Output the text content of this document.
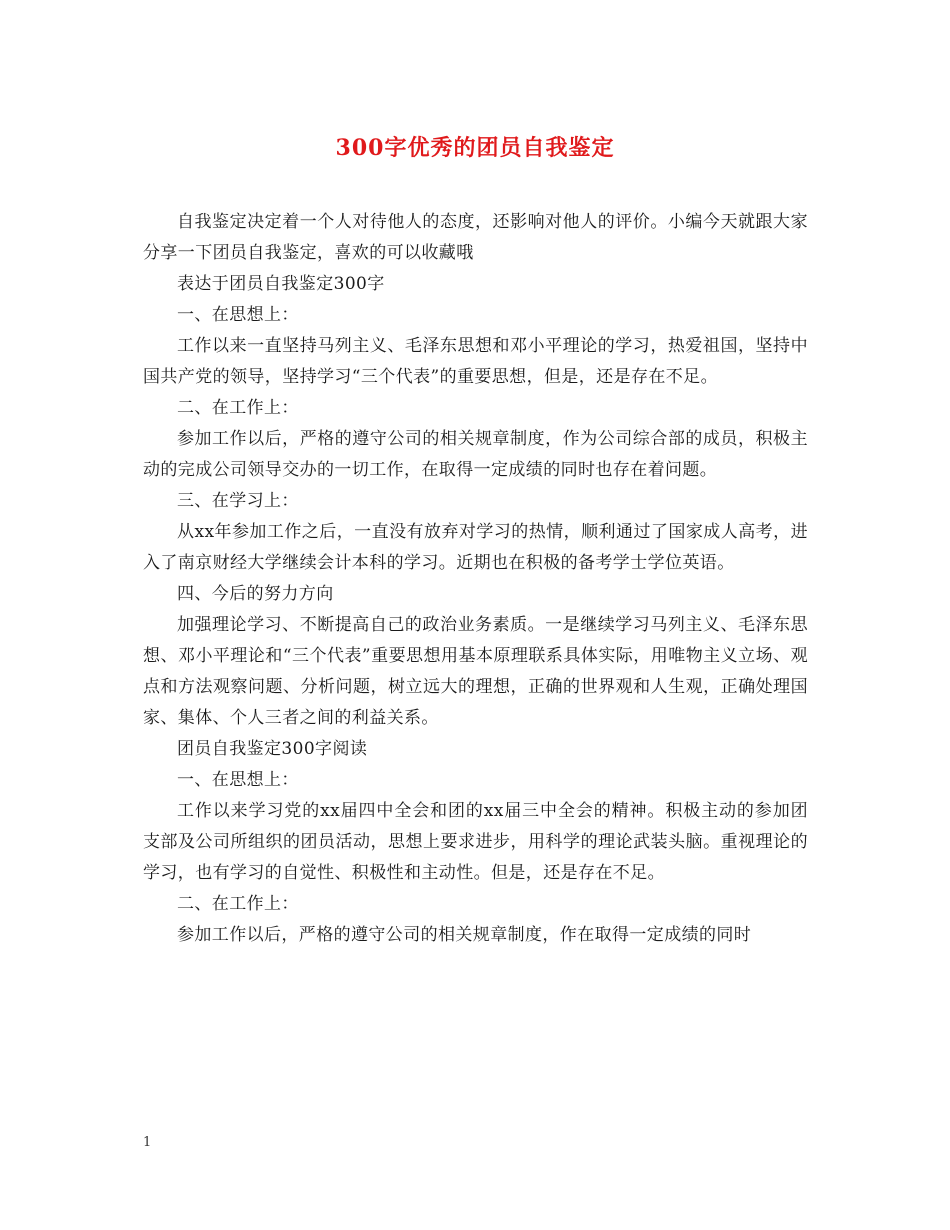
300字优秀的团员自我鉴定

自我鉴定决定着一个人对待他人的态度，还影响对他人的评价。小编今天就跟大家分享一下团员自我鉴定，喜欢的可以收藏哦

表达于团员自我鉴定300字

一、在思想上：

工作以来一直坚持马列主义、毛泽东思想和邓小平理论的学习，热爱祖国，坚持中国共产党的领导，坚持学习“三个代表”的重要思想，但是，还是存在不足。

二、在工作上：

参加工作以后，严格的遵守公司的相关规章制度，作为公司综合部的成员，积极主动的完成公司领导交办的一切工作，在取得一定成绩的同时也存在着问题。

三、在学习上：

从xx年参加工作之后，一直没有放弃对学习的热情，顺利通过了国家成人高考，进入了南京财经大学继续会计本科的学习。近期也在积极的备考学士学位英语。

四、今后的努力方向

加强理论学习、不断提高自己的政治业务素质。一是继续学习马列主义、毛泽东思想、邓小平理论和“三个代表”重要思想用基本原理联系具体实际，用唯物主义立场、观点和方法观察问题、分析问题，树立远大的理想，正确的世界观和人生观，正确处理国家、集体、个人三者之间的利益关系。

团员自我鉴定300字阅读

一、在思想上：

工作以来学习党的xx届四中全会和团的xx届三中全会的精神。积极主动的参加团支部及公司所组织的团员活动，思想上要求进步，用科学的理论武装头脑。重视理论的学习，也有学习的自觉性、积极性和主动性。但是，还是存在不足。

二、在工作上：

参加工作以后，严格的遵守公司的相关规章制度，作在取得一定成绩的同时

1
